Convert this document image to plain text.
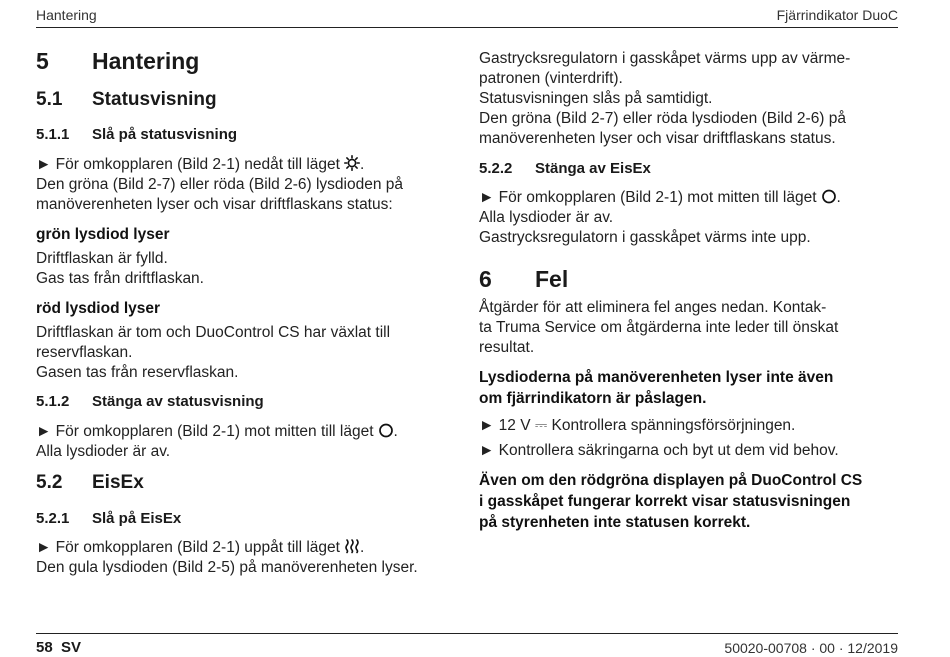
Hantering	Fjärrindikator DuoC
5 Hantering
5.1 Statusvisning
5.1.1 Slå på statusvisning
► För omkopplaren (Bild 2-1) nedåt till läget .
Den gröna (Bild 2-7) eller röda (Bild 2-6) lysdioden på
manöverenheten lyser och visar driftflaskans status:
grön lysdiod lyser
Driftflaskan är fylld.
Gas tas från driftflaskan.
röd lysdiod lyser
Driftflaskan är tom och DuoControl CS har växlat till
reservflaskan.
Gasen tas från reservflaskan.
5.1.2 Stänga av statusvisning
► För omkopplaren (Bild 2-1) mot mitten till läget .
Alla lysdioder är av.
5.2 EisEx
5.2.1 Slå på EisEx
► För omkopplaren (Bild 2-1) uppåt till läget .
Den gula lysdioden (Bild 2-5) på manöverenheten lyser.
Gastrycksregulatorn i gasskåpet värms upp av värme-
patronen (vinterdrift).
Statusvisningen slås på samtidigt.
Den gröna (Bild 2-7) eller röda lysdioden (Bild 2-6) på
manöverenheten lyser och visar driftflaskans status.
5.2.2 Stänga av EisEx
► För omkopplaren (Bild 2-1) mot mitten till läget .
Alla lysdioder är av.
Gastrycksregulatorn i gasskåpet värms inte upp.
6 Fel
Åtgärder för att eliminera fel anges nedan. Kontak-
ta Truma Service om åtgärderna inte leder till önskat
resultat.
Lysdioderna på manöverenheten lyser inte även
om fjärrindikatorn är påslagen.
► 12 V ⎓ Kontrollera spänningsförsörjningen.
► Kontrollera säkringarna och byt ut dem vid behov.
Även om den rödgröna displayen på DuoControl CS
i gasskåpet fungerar korrekt visar statusvisningen
på styrenheten inte statusen korrekt.
58  SV	50020-00708 · 00 · 12/2019
